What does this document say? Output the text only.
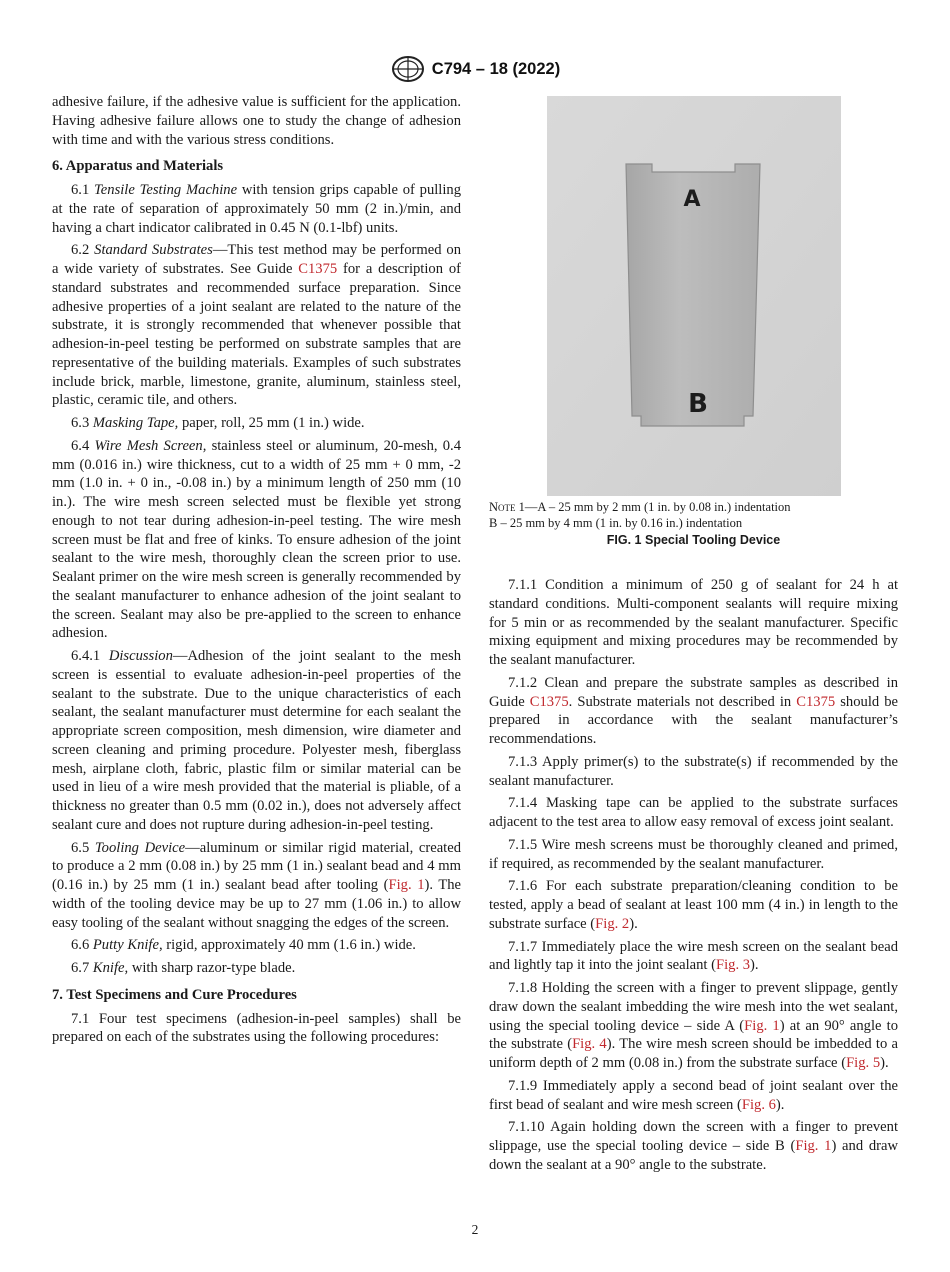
C794 – 18 (2022)

adhesive failure, if the adhesive value is sufficient for the application. Having adhesive failure allows one to study the change of adhesion with time and with the various stress conditions.

6. Apparatus and Materials

6.1 Tensile Testing Machine with tension grips capable of pulling at the rate of separation of approximately 50 mm (2 in.)/min, and having a chart indicator calibrated in 0.45 N (0.1-lbf) units.

6.2 Standard Substrates—This test method may be performed on a wide variety of substrates. See Guide C1375 for a description of standard substrates and recommended surface preparation. Since adhesive properties of a joint sealant are related to the nature of the substrate, it is strongly recommended that whenever possible that adhesion-in-peel testing be performed on substrate samples that are representative of the building materials. Examples of such substrates include brick, marble, limestone, granite, aluminum, stainless steel, plastic, ceramic tile, and others.

6.3 Masking Tape, paper, roll, 25 mm (1 in.) wide.

6.4 Wire Mesh Screen, stainless steel or aluminum, 20-mesh, 0.4 mm (0.016 in.) wire thickness, cut to a width of 25 mm + 0 mm, -2 mm (1.0 in. + 0 in., -0.08 in.) by a minimum length of 250 mm (10 in.). The wire mesh screen selected must be flexible yet strong enough to not tear during adhesion-in-peel testing. The wire mesh screen must be flat and free of kinks. To ensure adhesion of the joint sealant to the wire mesh, thoroughly clean the screen prior to use. Sealant primer on the wire mesh screen is generally recommended by the sealant manufacturer to enhance adhesion of the joint sealant to the screen. Sealant may also be pre-applied to the screen to enhance adhesion.

6.4.1 Discussion—Adhesion of the joint sealant to the mesh screen is essential to evaluate adhesion-in-peel properties of the sealant to the substrate. Due to the unique characteristics of each sealant, the sealant manufacturer must determine for each sealant the appropriate screen composition, mesh dimension, wire diameter and screen cleaning and priming procedure. Polyester mesh, fiberglass mesh, airplane cloth, fabric, plastic film or similar material can be used in lieu of a wire mesh provided that the material is pliable, of a thickness no greater than 0.5 mm (0.02 in.), does not adversely affect sealant cure and does not rupture during adhesion-in-peel testing.

6.5 Tooling Device—aluminum or similar rigid material, created to produce a 2 mm (0.08 in.) by 25 mm (1 in.) sealant bead and 4 mm (0.16 in.) by 25 mm (1 in.) sealant bead after tooling (Fig. 1). The width of the tooling device may be up to 27 mm (1.06 in.) to allow easy tooling of the sealant without snagging the edges of the screen.

6.6 Putty Knife, rigid, approximately 40 mm (1.6 in.) wide.

6.7 Knife, with sharp razor-type blade.

7. Test Specimens and Cure Procedures

7.1 Four test specimens (adhesion-in-peel samples) shall be prepared on each of the substrates using the following procedures:

A
B
Note 1—A – 25 mm by 2 mm (1 in. by 0.08 in.) indentation
B – 25 mm by 4 mm (1 in. by 0.16 in.) indentation
FIG. 1 Special Tooling Device

7.1.1 Condition a minimum of 250 g of sealant for 24 h at standard conditions. Multi-component sealants will require mixing for 5 min or as recommended by the sealant manufacturer. Specific mixing equipment and mixing procedures may be recommended by the sealant manufacturer.

7.1.2 Clean and prepare the substrate samples as described in Guide C1375. Substrate materials not described in C1375 should be prepared in accordance with the sealant manufacturer’s recommendations.

7.1.3 Apply primer(s) to the substrate(s) if recommended by the sealant manufacturer.

7.1.4 Masking tape can be applied to the substrate surfaces adjacent to the test area to allow easy removal of excess joint sealant.

7.1.5 Wire mesh screens must be thoroughly cleaned and primed, if required, as recommended by the sealant manufacturer.

7.1.6 For each substrate preparation/cleaning condition to be tested, apply a bead of sealant at least 100 mm (4 in.) in length to the substrate surface (Fig. 2).

7.1.7 Immediately place the wire mesh screen on the sealant bead and lightly tap it into the joint sealant (Fig. 3).

7.1.8 Holding the screen with a finger to prevent slippage, gently draw down the sealant imbedding the wire mesh into the wet sealant, using the special tooling device – side A (Fig. 1) at an 90° angle to the substrate (Fig. 4). The wire mesh screen should be imbedded to a uniform depth of 2 mm (0.08 in.) from the substrate surface (Fig. 5).

7.1.9 Immediately apply a second bead of joint sealant over the first bead of sealant and wire mesh screen (Fig. 6).

7.1.10 Again holding down the screen with a finger to prevent slippage, use the special tooling device – side B (Fig. 1) and draw down the sealant at a 90° angle to the substrate.

2
